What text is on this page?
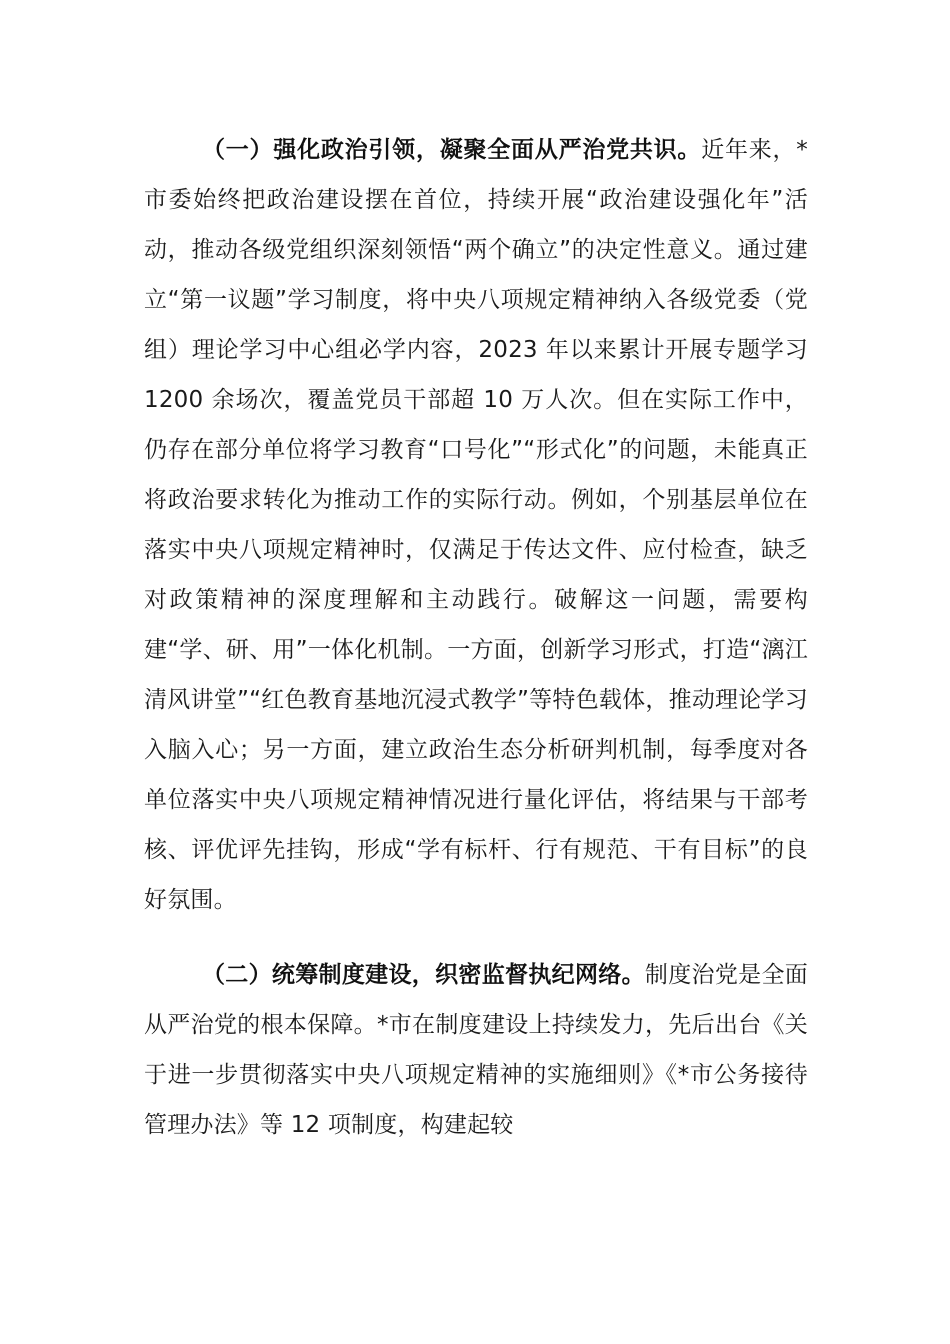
（一）强化政治引领，凝聚全面从严治党共识。近年来，*市委始终把政治建设摆在首位，持续开展“政治建设强化年”活动，推动各级党组织深刻领悟“两个确立”的决定性意义。通过建立“第一议题”学习制度，将中央八项规定精神纳入各级党委（党组）理论学习中心组必学内容，2023 年以来累计开展专题学习 1200 余场次，覆盖党员干部超 10 万人次。但在实际工作中，仍存在部分单位将学习教育“口号化”“形式化”的问题，未能真正将政治要求转化为推动工作的实际行动。例如，个别基层单位在落实中央八项规定精神时，仅满足于传达文件、应付检查，缺乏对政策精神的深度理解和主动践行。破解这一问题，需要构建“学、研、用”一体化机制。一方面，创新学习形式，打造“漓江清风讲堂”“红色教育基地沉浸式教学”等特色载体，推动理论学习入脑入心；另一方面，建立政治生态分析研判机制，每季度对各单位落实中央八项规定精神情况进行量化评估，将结果与干部考核、评优评先挂钩，形成“学有标杆、行有规范、干有目标”的良好氛围。

（二）统筹制度建设，织密监督执纪网络。制度治党是全面从严治党的根本保障。*市在制度建设上持续发力，先后出台《关于进一步贯彻落实中央八项规定精神的实施细则》《*市公务接待管理办法》等 12 项制度，构建起较
